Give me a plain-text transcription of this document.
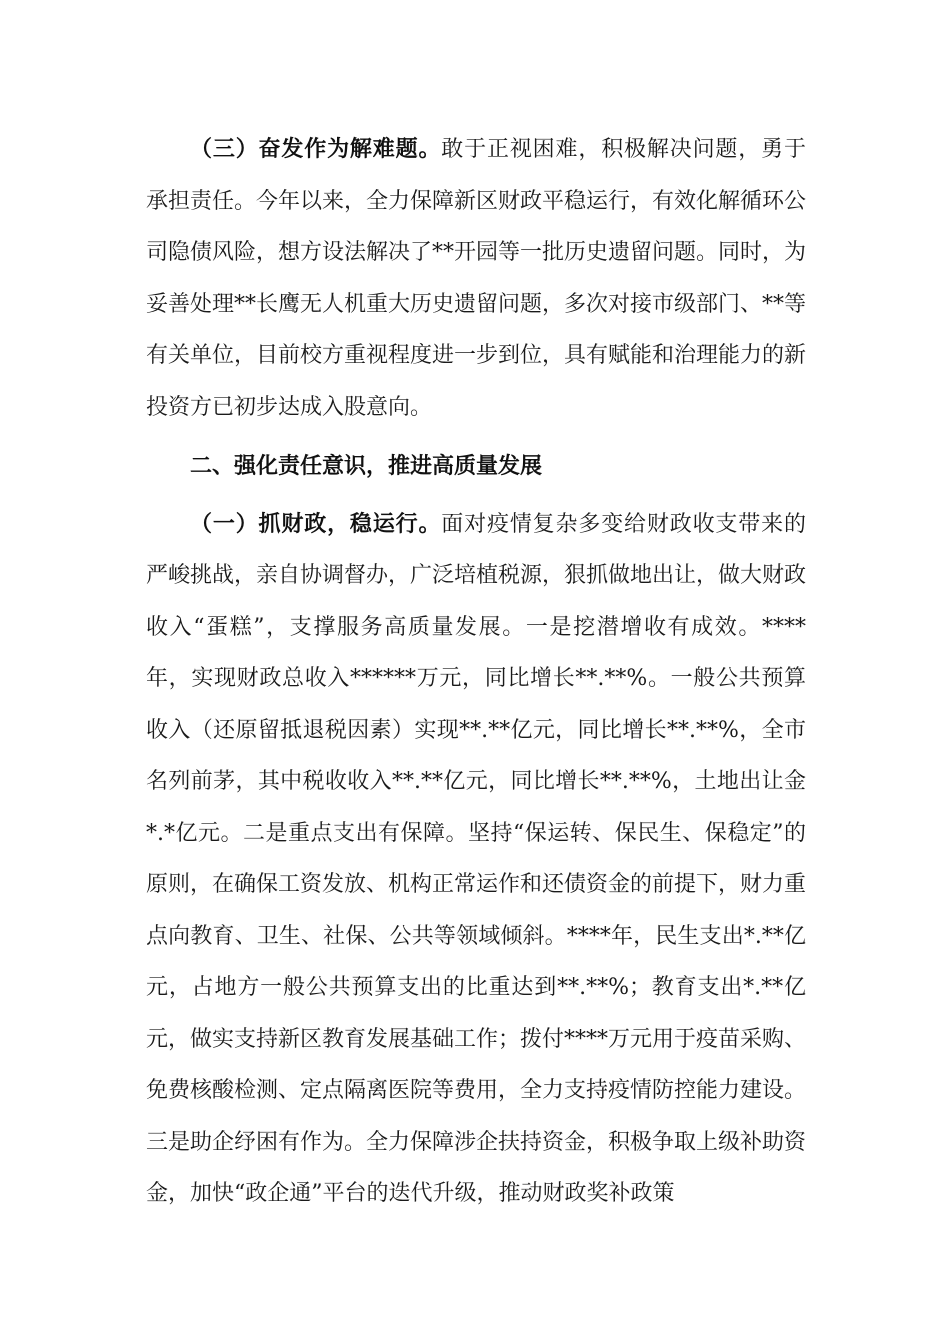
（三）奋发作为解难题。敢于正视困难，积极解决问题，勇于承担责任。今年以来，全力保障新区财政平稳运行，有效化解循环公司隐债风险，想方设法解决了**开园等一批历史遗留问题。同时，为妥善处理**长鹰无人机重大历史遗留问题，多次对接市级部门、**等有关单位，目前校方重视程度进一步到位，具有赋能和治理能力的新投资方已初步达成入股意向。

二、强化责任意识，推进高质量发展

（一）抓财政，稳运行。面对疫情复杂多变给财政收支带来的严峻挑战，亲自协调督办，广泛培植税源，狠抓做地出让，做大财政收入“蛋糕”，支撑服务高质量发展。一是挖潜增收有成效。****年，实现财政总收入******万元，同比增长**.**%。一般公共预算收入（还原留抵退税因素）实现**.**亿元，同比增长**.**%，全市名列前茅，其中税收收入**.**亿元，同比增长**.**%，土地出让金*.*亿元。二是重点支出有保障。坚持“保运转、保民生、保稳定”的原则，在确保工资发放、机构正常运作和还债资金的前提下，财力重点向教育、卫生、社保、公共等领域倾斜。****年，民生支出*.**亿元，占地方一般公共预算支出的比重达到**.**%；教育支出*.**亿元，做实支持新区教育发展基础工作；拨付****万元用于疫苗采购、免费核酸检测、定点隔离医院等费用，全力支持疫情防控能力建设。三是助企纾困有作为。全力保障涉企扶持资金，积极争取上级补助资金，加快“政企通”平台的迭代升级，推动财政奖补政策
